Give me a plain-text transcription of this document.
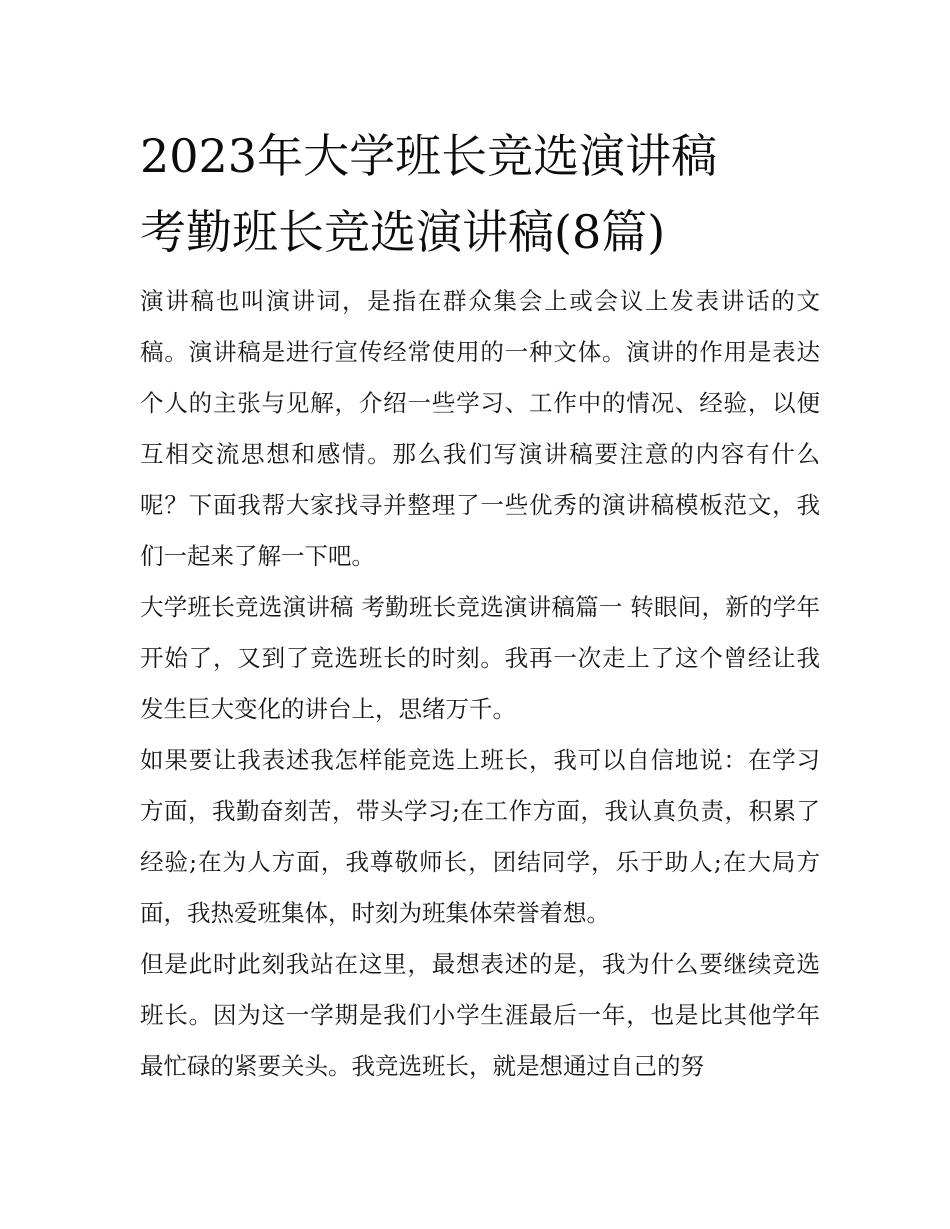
2023年大学班长竞选演讲稿
考勤班长竞选演讲稿(8篇)

演讲稿也叫演讲词，是指在群众集会上或会议上发表讲话的文稿。演讲稿是进行宣传经常使用的一种文体。演讲的作用是表达个人的主张与见解，介绍一些学习、工作中的情况、经验，以便互相交流思想和感情。那么我们写演讲稿要注意的内容有什么呢？下面我帮大家找寻并整理了一些优秀的演讲稿模板范文，我们一起来了解一下吧。

大学班长竞选演讲稿 考勤班长竞选演讲稿篇一 转眼间，新的学年开始了，又到了竞选班长的时刻。我再一次走上了这个曾经让我发生巨大变化的讲台上，思绪万千。

如果要让我表述我怎样能竞选上班长，我可以自信地说：在学习方面，我勤奋刻苦，带头学习;在工作方面，我认真负责，积累了经验;在为人方面，我尊敬师长，团结同学，乐于助人;在大局方面，我热爱班集体，时刻为班集体荣誉着想。

但是此时此刻我站在这里，最想表述的是，我为什么要继续竞选班长。因为这一学期是我们小学生涯最后一年，也是比其他学年最忙碌的紧要关头。我竞选班长，就是想通过自己的努
